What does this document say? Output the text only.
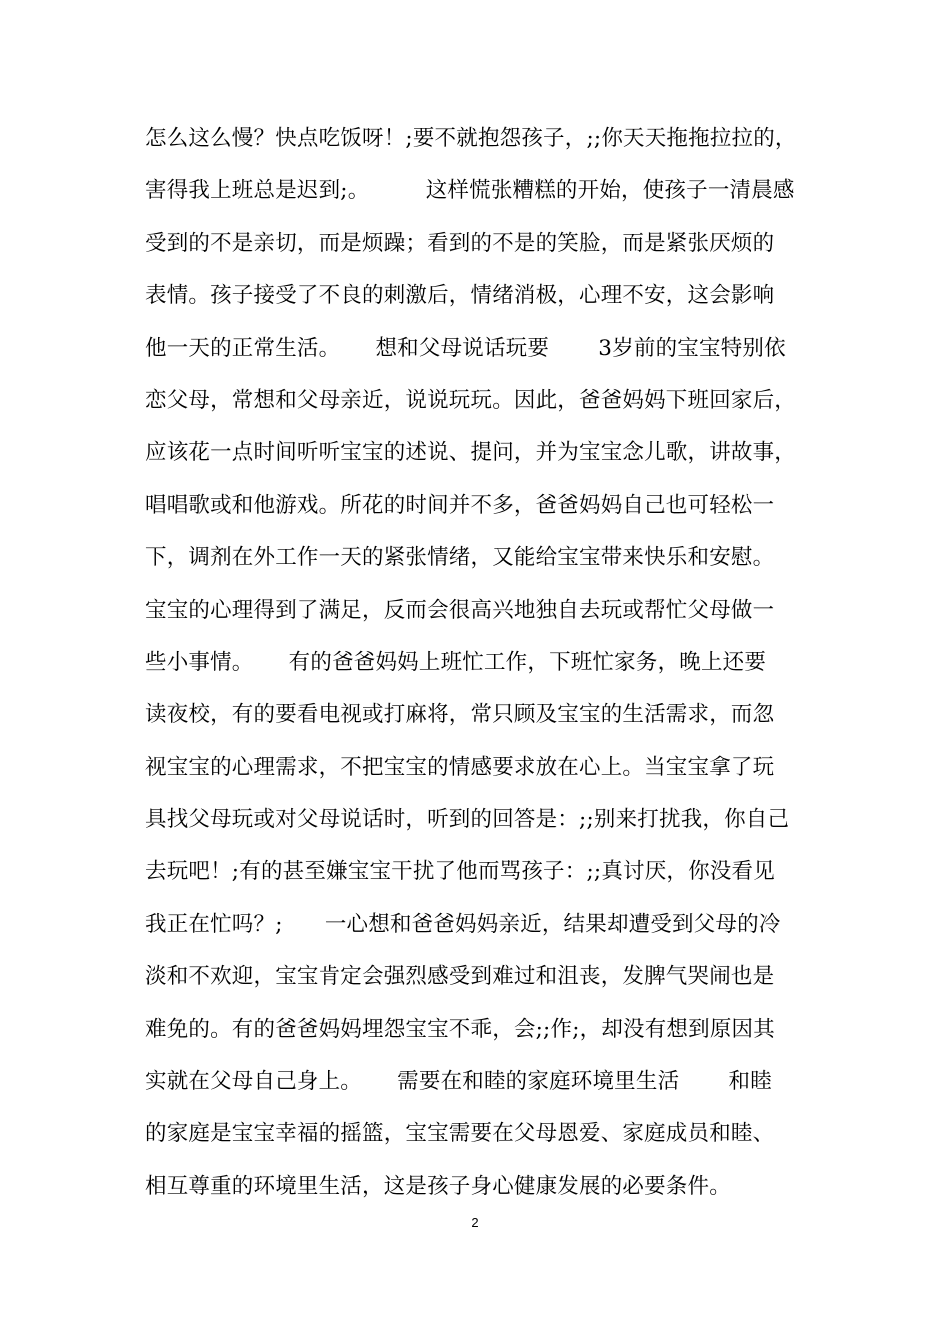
怎么这么慢？快点吃饭呀！;要不就抱怨孩子，;;你天天拖拖拉拉的，
害得我上班总是迟到;。        这样慌张糟糕的开始，使孩子一清晨感
受到的不是亲切，而是烦躁；看到的不是的笑脸，而是紧张厌烦的
表情。孩子接受了不良的刺激后，情绪消极，心理不安，这会影响
他一天的正常生活。     想和父母说话玩要       3岁前的宝宝特别依
恋父母，常想和父母亲近，说说玩玩。因此，爸爸妈妈下班回家后，
应该花一点时间听听宝宝的述说、提问，并为宝宝念儿歌，讲故事，
唱唱歌或和他游戏。所花的时间并不多，爸爸妈妈自己也可轻松一
下，调剂在外工作一天的紧张情绪，又能给宝宝带来快乐和安慰。
宝宝的心理得到了满足，反而会很高兴地独自去玩或帮忙父母做一
些小事情。     有的爸爸妈妈上班忙工作，下班忙家务，晚上还要
读夜校，有的要看电视或打麻将，常只顾及宝宝的生活需求，而忽
视宝宝的心理需求，不把宝宝的情感要求放在心上。当宝宝拿了玩
具找父母玩或对父母说话时，听到的回答是：;;别来打扰我，你自己
去玩吧！;有的甚至嫌宝宝干扰了他而骂孩子：;;真讨厌，你没看见
我正在忙吗？;      一心想和爸爸妈妈亲近，结果却遭受到父母的冷
淡和不欢迎，宝宝肯定会强烈感受到难过和沮丧，发脾气哭闹也是
难免的。有的爸爸妈妈埋怨宝宝不乖，会;;作;，却没有想到原因其
实就在父母自己身上。     需要在和睦的家庭环境里生活       和睦
的家庭是宝宝幸福的摇篮，宝宝需要在父母恩爱、家庭成员和睦、
相互尊重的环境里生活，这是孩子身心健康发展的必要条件。
2
